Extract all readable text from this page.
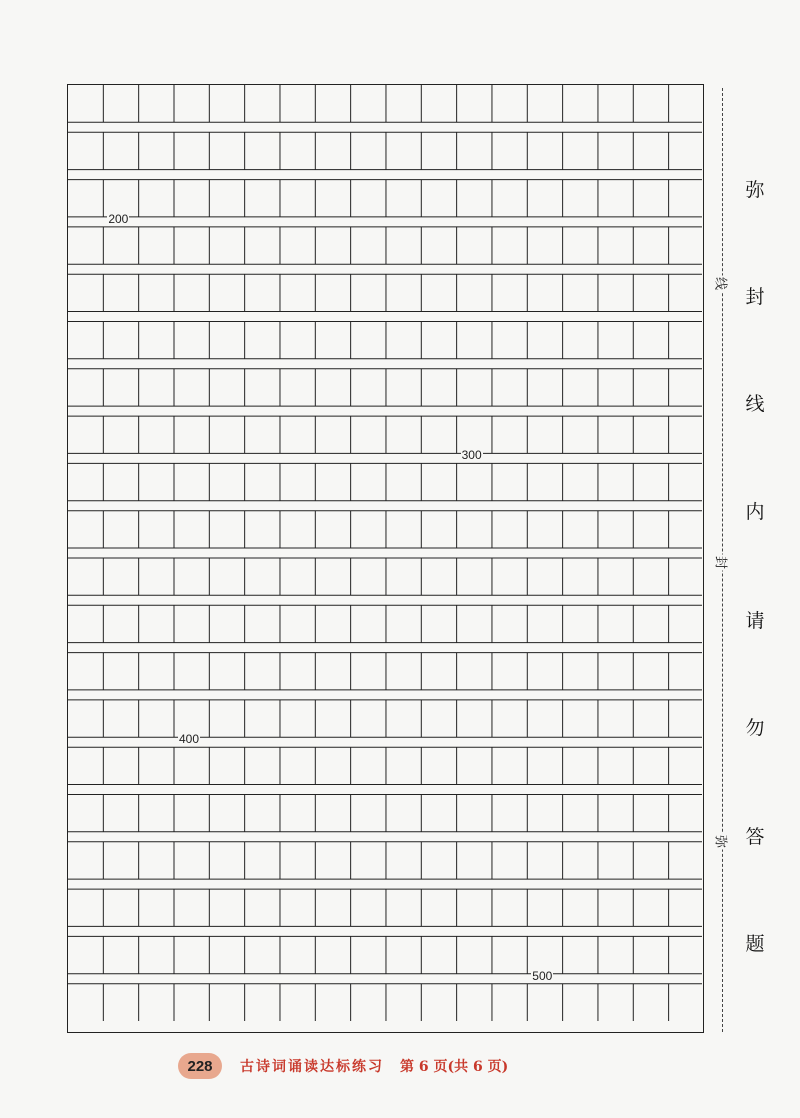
200
300
400
500
线
封
弥
弥
封
线
内
请
勿
答
题
228	古诗词诵读达标练习 第 6 页(共 6 页)
